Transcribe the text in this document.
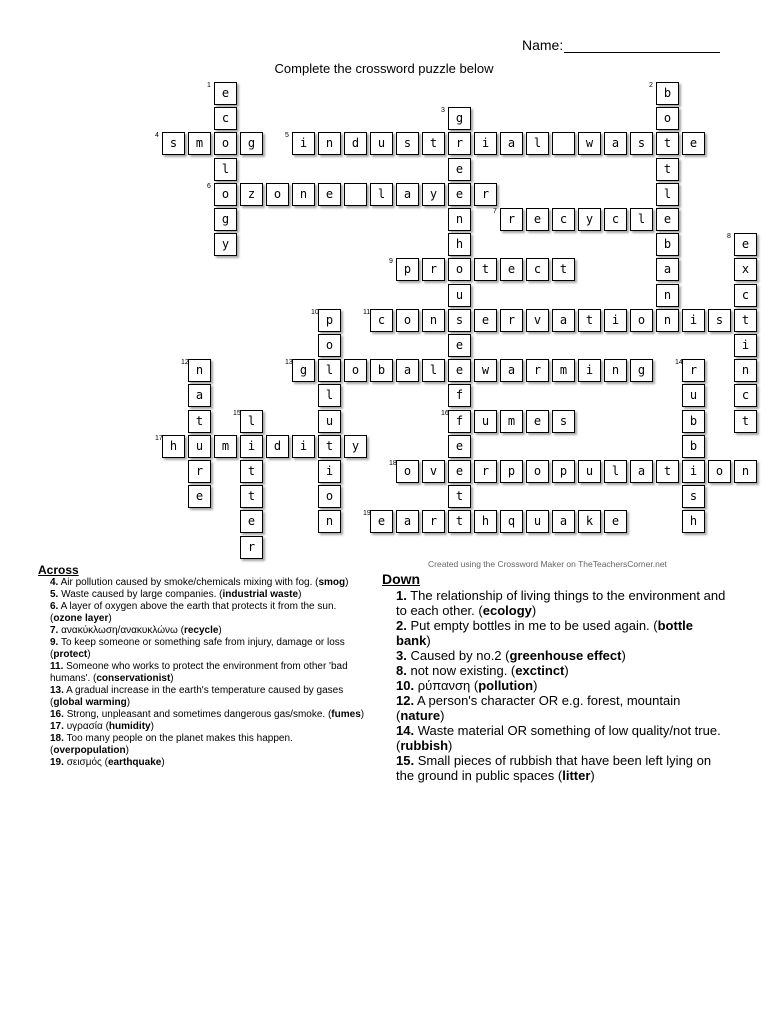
Name:
Complete the crossword puzzle below
1
e
c
o
l
6
o
g
y
2
b
o
t
t
l
e
b
a
n
n
3
g
r
e
e
n
h
o
u
s
e
e
f
16
f
e
e
t
4
s	m	g
5
i	n	d	u	s	t	i	a	l	w	a	s	e
z	o	n	e	l	a	y	r
7
r	e	c	y	c	l
8
e
x
c
t
i
n
c
t
9
p	r	t	e	c	t
10
p
o
l
l
u
t
i
o
n
11
c	o	n	e	r	v	a	t	i	o	i	s
12
n
a
t
u
r
e
13
g	o	b	a	l	w	a	r	m	i	n	g
14
r
u
b
b
i
s
h
15
l
i
t
t
e
r
u	m	e	s
17
h	m	d	i	y
18
o	v	r	p	o	p	u	l	a	t	o	n
19
e	a	r	t	h	q	u	a	k	e
Created using the Crossword Maker on TheTeachersCorner.net
Across
4. Air pollution caused by smoke/chemicals mixing with fog. (smog)
5. Waste caused by large companies. (industrial waste)
6. A layer of oxygen above the earth that protects it from the sun. (ozone layer)
7. ανακύκλωση/ανακυκλώνω (recycle)
9. To keep someone or something safe from injury, damage or loss (protect)
11. Someone who works to protect the environment from other 'bad humans'. (conservationist)
13. A gradual increase in the earth's temperature caused by gases (global warming)
16. Strong, unpleasant and sometimes dangerous gas/smoke. (fumes)
17. υγρασία (humidity)
18. Too many people on the planet makes this happen. (overpopulation)
19. σεισμός (earthquake)
Down
1. The relationship of living things to the environment and to each other. (ecology)
2. Put empty bottles in me to be used again. (bottle bank)
3. Caused by no.2 (greenhouse effect)
8. not now existing. (exctinct)
10. ρύπανση (pollution)
12. A person's character OR e.g. forest, mountain (nature)
14. Waste material OR something of low quality/not true. (rubbish)
15. Small pieces of rubbish that have been left lying on the ground in public spaces (litter)
